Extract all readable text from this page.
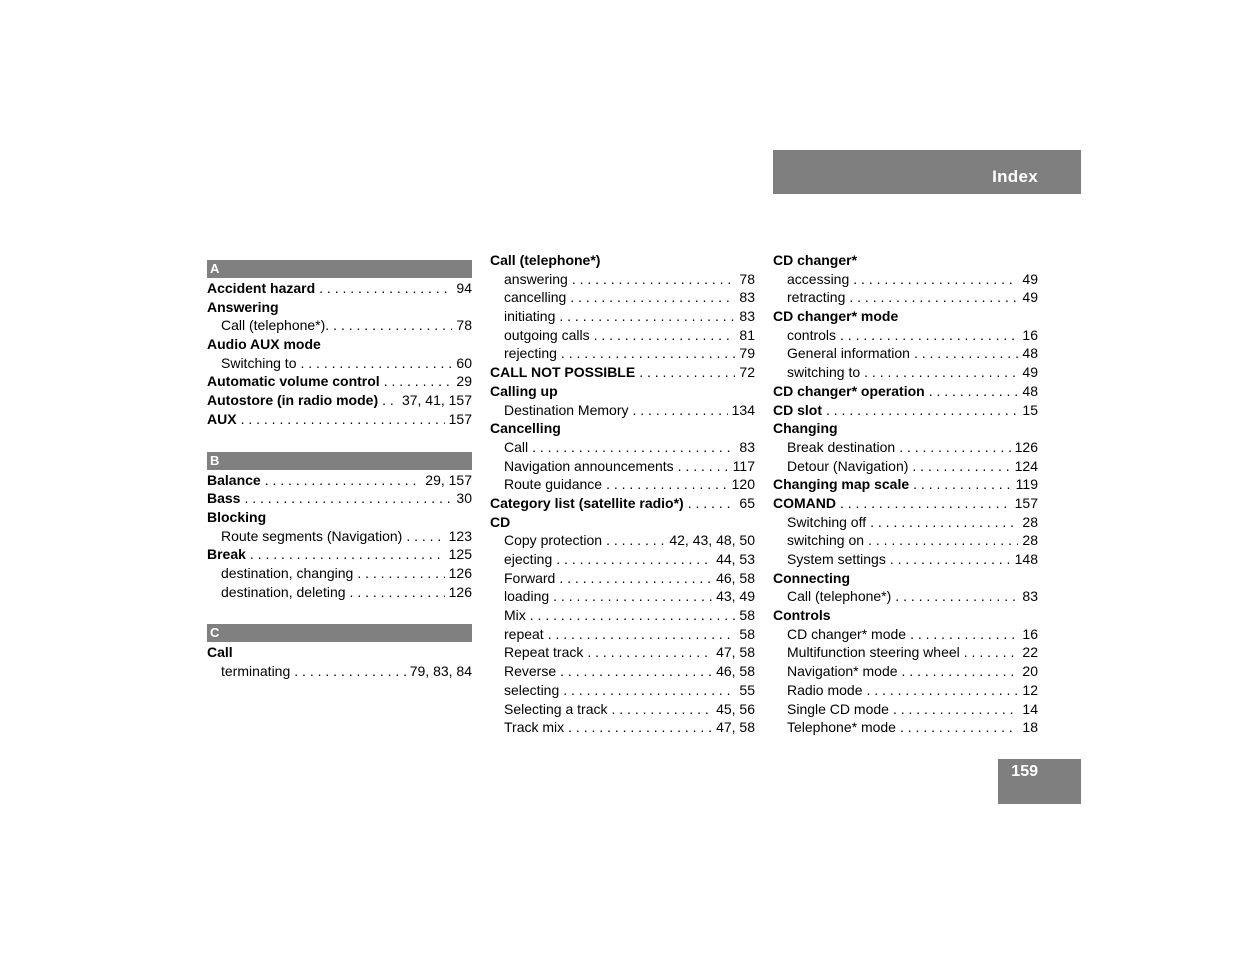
Index
A
Accident hazard . . .	94
Answering
Call (telephone*). . . .	78
Audio AUX mode
Switching to . . .	60
Automatic volume control . . .	29
Autostore (in radio mode) . . . 37, 41, 157
AUX . . .	157
B
Balance . . .	29, 157
Bass . . .	30
Blocking
Route segments (Navigation) . . .	123
Break . . .	125
destination, changing . . .	126
destination, deleting . . .	126
C
Call
terminating . . .	79, 83, 84
Call (telephone*)
answering . . .	78
cancelling . . .	83
initiating . . .	83
outgoing calls . . .	81
rejecting . . .	79
CALL NOT POSSIBLE . . .	72
Calling up
Destination Memory . . .	134
Cancelling
Call . . .	83
Navigation announcements . . .	117
Route guidance . . .	120
Category list (satellite radio*) . . .	65
CD
Copy protection . . .	42, 43, 48, 50
ejecting . . .	44, 53
Forward . . .	46, 58
loading . . .	43, 49
Mix . . .	58
repeat . . .	58
Repeat track . . .	47, 58
Reverse . . .	46, 58
selecting . . .	55
Selecting a track . . .	45, 56
Track mix . . .	47, 58
CD changer*
accessing . . .	49
retracting . . .	49
CD changer* mode
controls . . .	16
General information . . .	48
switching to . . .	49
CD changer* operation . . .	48
CD slot . . .	15
Changing
Break destination . . .	126
Detour (Navigation) . . .	124
Changing map scale . . .	119
COMAND . . .	157
Switching off . . .	28
switching on . . .	28
System settings . . .	148
Connecting
Call (telephone*) . . .	83
Controls
CD changer* mode . . .	16
Multifunction steering wheel . . .	22
Navigation* mode . . .	20
Radio mode . . .	12
Single CD mode . . .	14
Telephone* mode . . .	18
159
